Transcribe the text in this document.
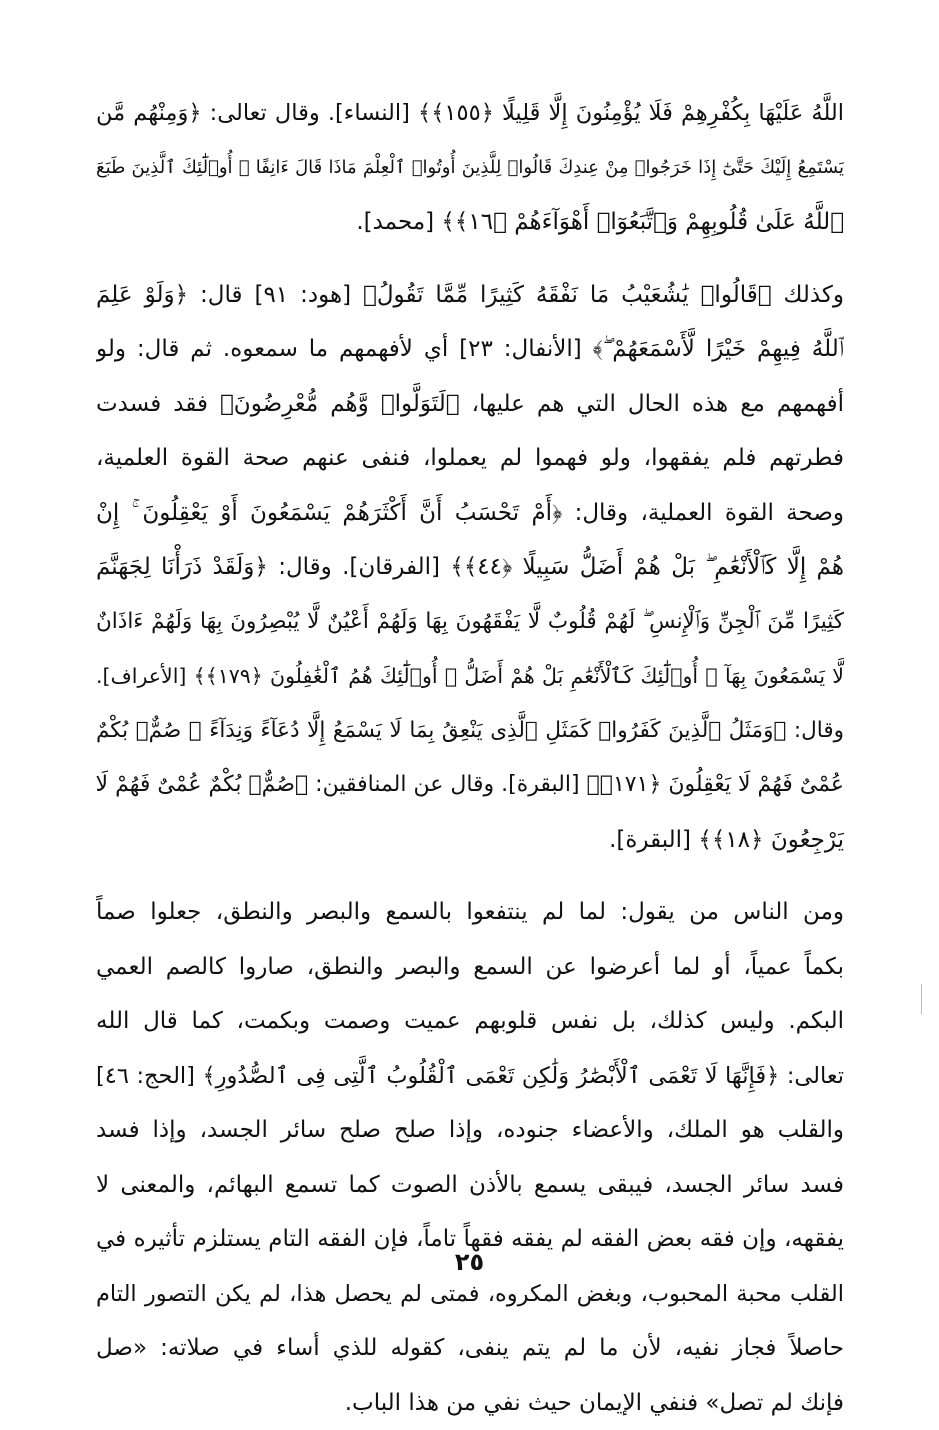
اللَّهُ عَلَيْهَا بِكُفْرِهِمْ فَلَا يُؤْمِنُونَ إِلَّا قَلِيلًا ﴿١٥٥﴾﴾ [النساء]. وقال تعالى: ﴿وَمِنْهُم مَّن
يَسْتَمِعُ إِلَيْكَ حَتَّىٰٓ إِذَا خَرَجُوا۟ مِنْ عِندِكَ قَالُوا۟ لِلَّذِينَ أُوتُوا۟ ٱلْعِلْمَ مَاذَا قَالَ ءَانِفًا ۚ أُو۟لَٰٓئِكَ ٱلَّذِينَ طَبَعَ
ٱللَّهُ عَلَىٰ قُلُوبِهِمْ وَٱتَّبَعُوٓا۟ أَهْوَآءَهُمْ ﴿١٦﴾﴾ [محمد].
وكذلك ﴿قَالُوا۟ يَٰشُعَيْبُ مَا نَفْقَهُ كَثِيرًا مِّمَّا تَقُولُ﴾ [هود: ٩١] قال: ﴿وَلَوْ عَلِمَ
ٱللَّهُ فِيهِمْ خَيْرًا لَّأَسْمَعَهُمْ ۖ﴾ [الأنفال: ٢٣] أي لأفهمهم ما سمعوه. ثم قال: ولو
أفهمهم مع هذه الحال التي هم عليها، ﴿لَتَوَلَّوا۟ وَّهُم مُّعْرِضُونَ﴾ فقد فسدت
فطرتهم فلم يفقهوا، ولو فهموا لم يعملوا، فنفى عنهم صحة القوة العلمية،
وصحة القوة العملية، وقال: ﴿أَمْ تَحْسَبُ أَنَّ أَكْثَرَهُمْ يَسْمَعُونَ أَوْ يَعْقِلُونَ ۚ إِنْ
هُمْ إِلَّا كَٱلْأَنْعَٰمِ ۖ بَلْ هُمْ أَضَلُّ سَبِيلًا ﴿٤٤﴾﴾ [الفرقان]. وقال: ﴿وَلَقَدْ ذَرَأْنَا لِجَهَنَّمَ
كَثِيرًا مِّنَ ٱلْجِنِّ وَٱلْإِنسِ ۖ لَهُمْ قُلُوبٌ لَّا يَفْقَهُونَ بِهَا وَلَهُمْ أَعْيُنٌ لَّا يُبْصِرُونَ بِهَا وَلَهُمْ ءَاذَانٌ
لَّا يَسْمَعُونَ بِهَآ ۚ أُو۟لَٰٓئِكَ كَٱلْأَنْعَٰمِ بَلْ هُمْ أَضَلُّ ۚ أُو۟لَٰٓئِكَ هُمُ ٱلْغَٰفِلُونَ ﴿١٧٩﴾﴾ [الأعراف].
وقال: ﴿وَمَثَلُ ٱلَّذِينَ كَفَرُوا۟ كَمَثَلِ ٱلَّذِى يَنْعِقُ بِمَا لَا يَسْمَعُ إِلَّا دُعَآءً وَنِدَآءً ۚ صُمٌّۢ بُكْمٌ
عُمْىٌ فَهُمْ لَا يَعْقِلُونَ ﴿١٧١﴾﴾ [البقرة]. وقال عن المنافقين: ﴿صُمٌّۢ بُكْمٌ عُمْىٌ فَهُمْ لَا
يَرْجِعُونَ ﴿١٨﴾﴾ [البقرة].
ومن الناس من يقول: لما لم ينتفعوا بالسمع والبصر والنطق، جعلوا صماً
بكماً عمياً، أو لما أعرضوا عن السمع والبصر والنطق، صاروا كالصم العمي
البكم. وليس كذلك، بل نفس قلوبهم عميت وصمت وبكمت، كما قال الله
تعالى: ﴿فَإِنَّهَا لَا تَعْمَى ٱلْأَبْصَٰرُ وَلَٰكِن تَعْمَى ٱلْقُلُوبُ ٱلَّتِى فِى ٱلصُّدُورِ﴾ [الحج: ٤٦]
والقلب هو الملك، والأعضاء جنوده، وإذا صلح صلح سائر الجسد، وإذا فسد
فسد سائر الجسد، فيبقى يسمع بالأذن الصوت كما تسمع البهائم، والمعنى لا
يفقهه، وإن فقه بعض الفقه لم يفقه فقهاً تاماً، فإن الفقه التام يستلزم تأثيره في
القلب محبة المحبوب، وبغض المكروه، فمتى لم يحصل هذا، لم يكن التصور التام
حاصلاً فجاز نفيه، لأن ما لم يتم ينفى، كقوله للذي أساء في صلاته: «صل
فإنك لم تصل» فنفي الإيمان حيث نفي من هذا الباب.
٢٥
